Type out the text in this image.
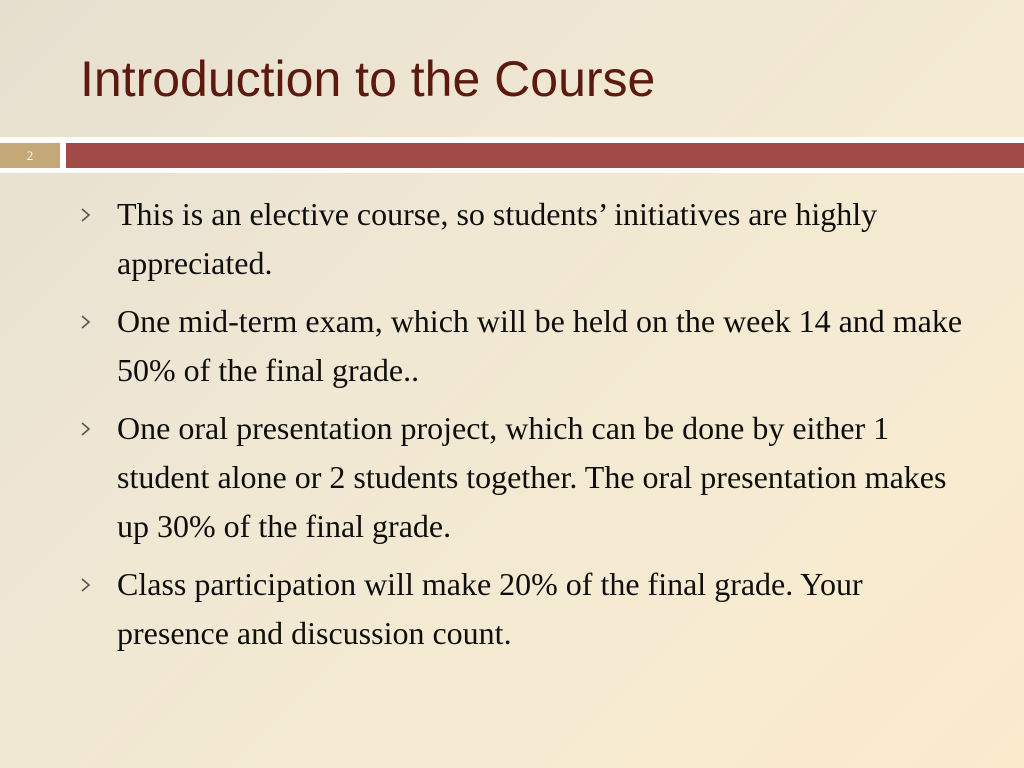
Introduction to the Course
2
This is an elective course, so students’ initiatives are highly appreciated.
One mid-term exam, which will be held on the week 14 and make 50% of the final grade..
One oral presentation project, which can be done by either 1 student alone or 2 students together. The oral presentation makes up 30% of the final grade.
Class participation will make 20% of the final grade. Your presence and discussion count.
